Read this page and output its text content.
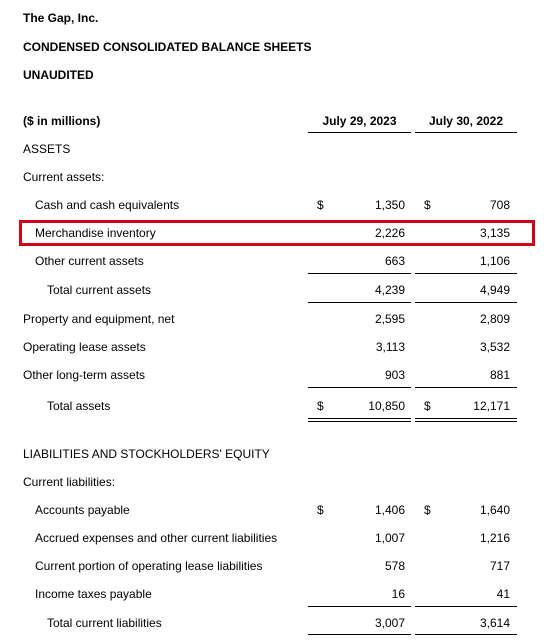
The Gap, Inc.
CONDENSED CONSOLIDATED BALANCE SHEETS
UNAUDITED
($ in millions)	July 29, 2023	July 30, 2022
ASSETS
Current assets:
Cash and cash equivalents	$	1,350 $	708
Merchandise inventory	2,226	3,135
Other current assets	663	1,106
Total current assets	4,239	4,949
Property and equipment, net	2,595	2,809
Operating lease assets	3,113	3,532
Other long-term assets	903	881
Total assets	$	10,850 $	12,171
LIABILITIES AND STOCKHOLDERS' EQUITY
Current liabilities:
Accounts payable	$	1,406 $	1,640
Accrued expenses and other current liabilities	1,007	1,216
Current portion of operating lease liabilities	578	717
Income taxes payable	16	41
Total current liabilities	3,007	3,614
